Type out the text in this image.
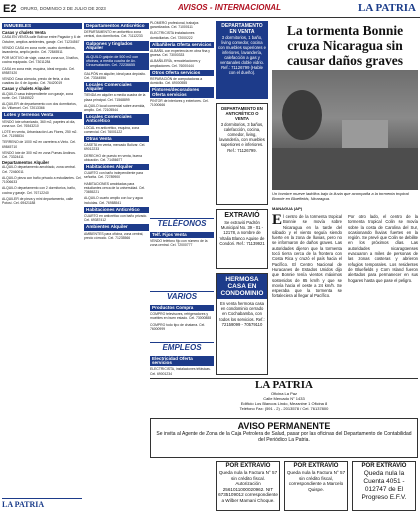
E2 ORURO, DOMINGO 2 DE JULIO DE 2023	AVISOS - INTERNACIONAL	LA PATRIA
INMUEBLES
Casas y chalets Venta
CASA EN VENTA calle Bolívar entre Pagador y 6 de Octubre, amplios ambientes, garaje. Cel. 71234567
VENDO CASA en zona norte, cuatro dormitorios, lavandería, amplio jardín. Cel. 72845511
POR MOTIVO de viaje, casa en zona sur, 3 baños, cocina equipada. Cel. 73011284
CASA en zona este, esquina, ideal negocio. Cel. 69587420
VENDO Casa cómoda, precio de feria, a dos cuadras Av. 6 de Agosto. Cel. 76420019
Casas y chalets Alquiler
ALQUILO casa independiente con garaje, zona norte. Cel. 71845522
ALQUILER de departamento con dos dormitorios, Av. Villarroel. Cel. 72013366
Lotes y terrenos Venta
VENDO lote urbanizado, 360 m2, papeles al día, zona sur. Cel. 76543210
LOTE en venta, Urbanización Las Flores, 250 m2. Cel. 71198834
TERRENO de 1000 m2 en carretera a Vinto. Cel. 69845710
VENDO lote de 300 m2 en zona Pumas Andinos. Cel. 73324411
Departamentos Alquiler
ALQUILO departamento amoblado, zona central. Cel. 72460011
ALQUILO pieza con baño privado a estudiantes. Cel. 71006633
ALQUILO departamento con 2 dormitorios, baño, cocina y garaje. Cel. 76712240
ALQUILER de pieza y mini departamento, calle Potosí. Cel. 69421188
Departamentos Anticrético
DEPARTAMENTO en anticrético zona central, dos dormitorios. Cel. 71112233
Galpones y tinglados Alquiler
ALQUILO galpón de 500 m2 con oficinas, a media cuadra de Av. Circunvalación. Cel. 72236655
GALPÓN en alquiler, ideal para depósito. Cel. 73344556
Locales Comerciales Alquiler
TIENDA en alquiler a media cuadra de la plaza principal. Cel. 71568899
ALQUILO local comercial sobre avenida, amplio. Cel. 72105544
Locales Comerciales Anticrético
LOCAL en anticrético, esquina, zona comercial. Cel. 76001122
Otras Venta
CASETA en venta, mercado Bolívar. Cel. 69012233
DERECHO de puesto en venta, buena ubicación. Cel. 71456677
Habitaciones Alquiler
CUARTO con baño independiente para señorita. Cel. 72789900
HABITACIONES amobladas para estudiantes cerca de la universidad. Cel. 73655221
ALQUILO cuarto amplio con luz y agua incluidas. Cel. 76988541
Habitaciones Anticrético
CUARTO en anticrético con baño privado. Cel. 69387412
Ambientes Alquiler
AMBIENTES para oficina, zona central, precio cómodo. Cel. 71235566
PLOMERO profesional, trabajos garantizados. Cel. 71000111
ELECTRICISTA instalaciones domiciliarias. Cel. 72000222
Albañilería Oferta servicios
ALBAÑIL con experiencia en obra fina y gruesa. Cel. 73000333
ALBAÑILERÍA, remodelaciones y ampliaciones. Cel. 76000444
Otros Oferta servicios
REPARACIÓN de computadoras a domicilio. Cel. 69000555
Pintores/decoradores Oferta servicios
PINTOR de interiores y exteriores. Cel. 71000666
TELÉFONOS
Telf. Fijos Venta
VENDO teléfono fijo con número de la zona central. Cel. 72000777
VARIOS
Productos Compra
COMPRO televisores, refrigeradores y muebles en buen estado. Cel. 73000888
COMPRO todo tipo de chatarra. Cel. 76000999
EMPLEOS
Electricidad Oferta servicios
ELECTRICISTA, instalaciones trifásicas. Cel. 69001234
DEPARTAMENTO EN VENTA
3 dormitorios, 1 baño, living comedor, cocina con muebles superiores e inferiores, lavandería, calefacción a gas y ventanales doble vidrio. Ref.: 71126799 (Hable con el dueño).
DEPARTAMENTO EN ANTICRÉTICO O VENTA
3 dormitorios, 3 baños, calefacción, cocina, comedor, living, lavandería, con muebles superiores e inferiores. Ref.: 71126799.
EXTRAVIÓ
Se extravió Padrón Municipal No. 39 - 01 - 12178, a nombre de Vitalia Blanco Aquise de Condori. Ref.: 71139921
HERMOSA CASA EN CONDOMINIO
En venta hermosa casa en condominio cerrado en Cochabamba, con todos los servicios. Ref.: 72159099 - 70579110
La tormenta Bonnie cruza Nicaragua sin causar daños graves
Un hombre mueve ladrillos bajo la lluvia que acompaña a la tormenta tropical Bonnie en Bluefields, Nicaragua.
MANAGUA (AP)
El centro de la tormenta tropical Bonnie se movía sobre Nicaragua en la tarde del sábado y el viento seguía siendo fuerte en la zona de lluvias, pero no se informaron de daños graves. Las autoridades dijeron que la tormenta tocó tierra cerca de la frontera con Costa Rica y cruzó el país hacia el Pacífico. El Centro Nacional de Huracanes de Estados Unidos dijo que Bonnie tenía vientos máximos sostenidos de 85 km/h y que se movía hacia el oeste a 24 km/h. Se esperaba que la tormenta se fortaleciera al llegar al Pacífico.
Por otro lado, el centro de la tormenta tropical Colin se movía sobre la costa de Carolina del Sur, ocasionando lluvias fuertes en la región. Se prevé que Colin se debilite en los próximos días. Las autoridades nicaragüenses evacuaron a miles de personas de las zonas costeras y abrieron refugios temporales. Los residentes de Bluefields y Corn Island fueron alertados para permanecer en sus hogares hasta que pase el peligro.
LA PATRIA
Oficina La Paz
Calle Mercado N° 1433
Edificio Los Blancos Lindo, Mezanine 1 Oficina 8
Teléfono Fax: (591 - 2) - 2013578 / Cel. 76137800
AVISO PERMANENTE
Se invita al Agente de Zona de la Caja Petrolera de Salud, pasar por las oficinas del Departamento de Contabilidad del Periódico La Patria.
POR EXTRAVÍO
Queda nula la Factura N° 57 sin crédito fiscal. Autorización 2561011000020962. NIT 6735109012 correspondiente a Wilber Mamani Choque.
POR EXTRAVÍO
Queda nula la Factura N° 57 sin crédito fiscal, correspondiente a Marcelo Quispe.
POR EXTRAVÍO
Queda nula la Cuenta 4051 - 012747 de El Progreso E.F.V.
LA PATRIA
